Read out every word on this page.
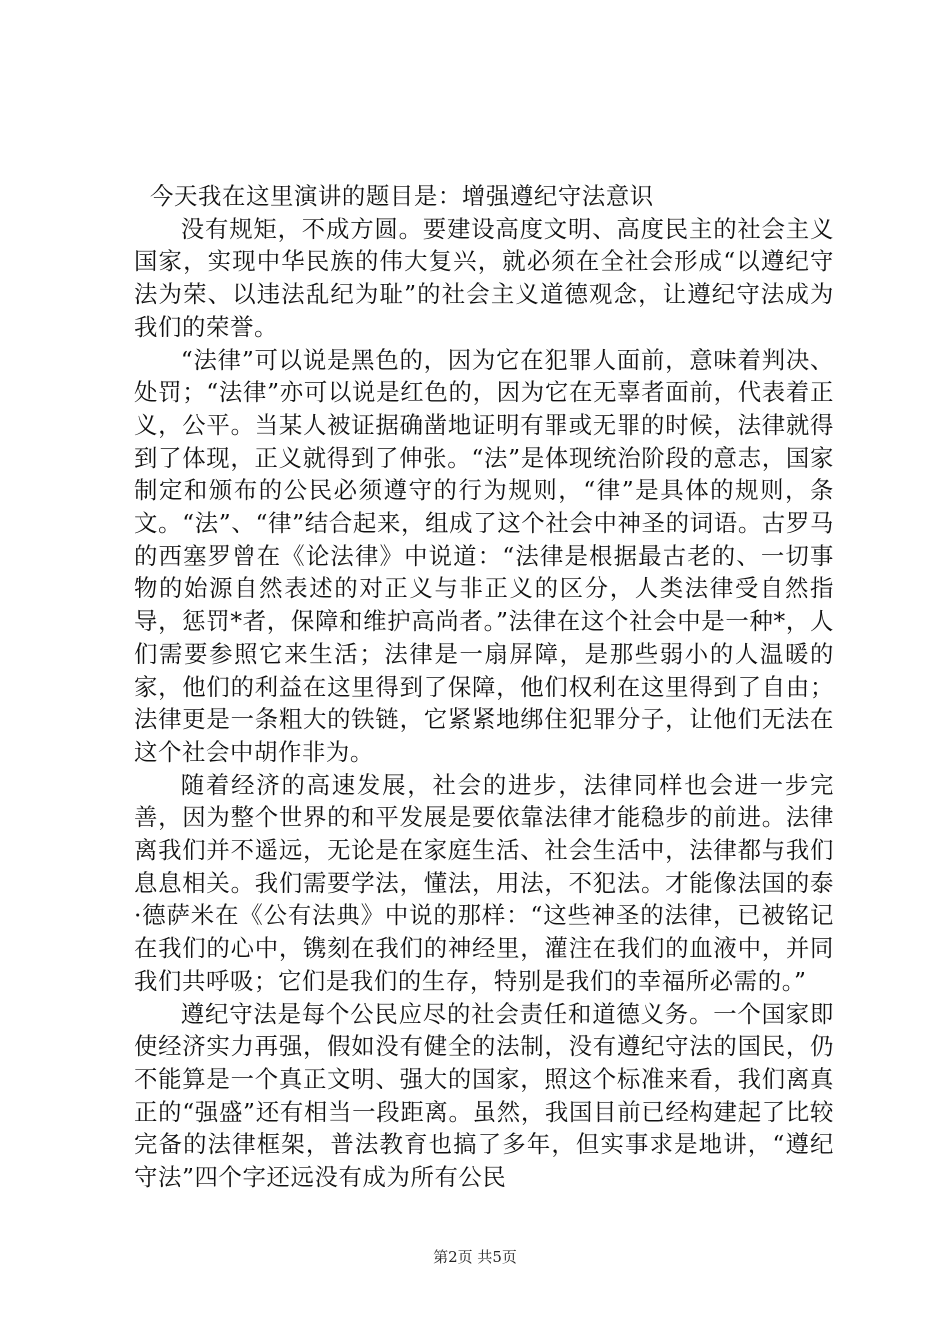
今天我在这里演讲的题目是：增强遵纪守法意识

没有规矩，不成方圆。要建设高度文明、高度民主的社会主义国家，实现中华民族的伟大复兴，就必须在全社会形成“以遵纪守法为荣、以违法乱纪为耻”的社会主义道德观念，让遵纪守法成为我们的荣誉。

“法律”可以说是黑色的，因为它在犯罪人面前，意味着判决、处罚；“法律”亦可以说是红色的，因为它在无辜者面前，代表着正义，公平。当某人被证据确凿地证明有罪或无罪的时候，法律就得到了体现，正义就得到了伸张。“法”是体现统治阶段的意志，国家制定和颁布的公民必须遵守的行为规则，“律”是具体的规则，条文。“法”、“律”结合起来，组成了这个社会中神圣的词语。古罗马的西塞罗曾在《论法律》中说道：“法律是根据最古老的、一切事物的始源自然表述的对正义与非正义的区分，人类法律受自然指导，惩罚*者，保障和维护高尚者。”法律在这个社会中是一种*，人们需要参照它来生活；法律是一扇屏障，是那些弱小的人温暖的家，他们的利益在这里得到了保障，他们权利在这里得到了自由；法律更是一条粗大的铁链，它紧紧地绑住犯罪分子，让他们无法在这个社会中胡作非为。

随着经济的高速发展，社会的进步，法律同样也会进一步完善，因为整个世界的和平发展是要依靠法律才能稳步的前进。法律离我们并不遥远，无论是在家庭生活、社会生活中，法律都与我们息息相关。我们需要学法，懂法，用法，不犯法。才能像法国的泰·德萨米在《公有法典》中说的那样：“这些神圣的法律，已被铭记在我们的心中，镌刻在我们的神经里，灌注在我们的血液中，并同我们共呼吸；它们是我们的生存，特别是我们的幸福所必需的。”

遵纪守法是每个公民应尽的社会责任和道德义务。一个国家即使经济实力再强，假如没有健全的法制，没有遵纪守法的国民，仍不能算是一个真正文明、强大的国家，照这个标准来看，我们离真正的“强盛”还有相当一段距离。虽然，我国目前已经构建起了比较完备的法律框架，普法教育也搞了多年，但实事求是地讲，“遵纪守法”四个字还远没有成为所有公民

第2页 共5页
